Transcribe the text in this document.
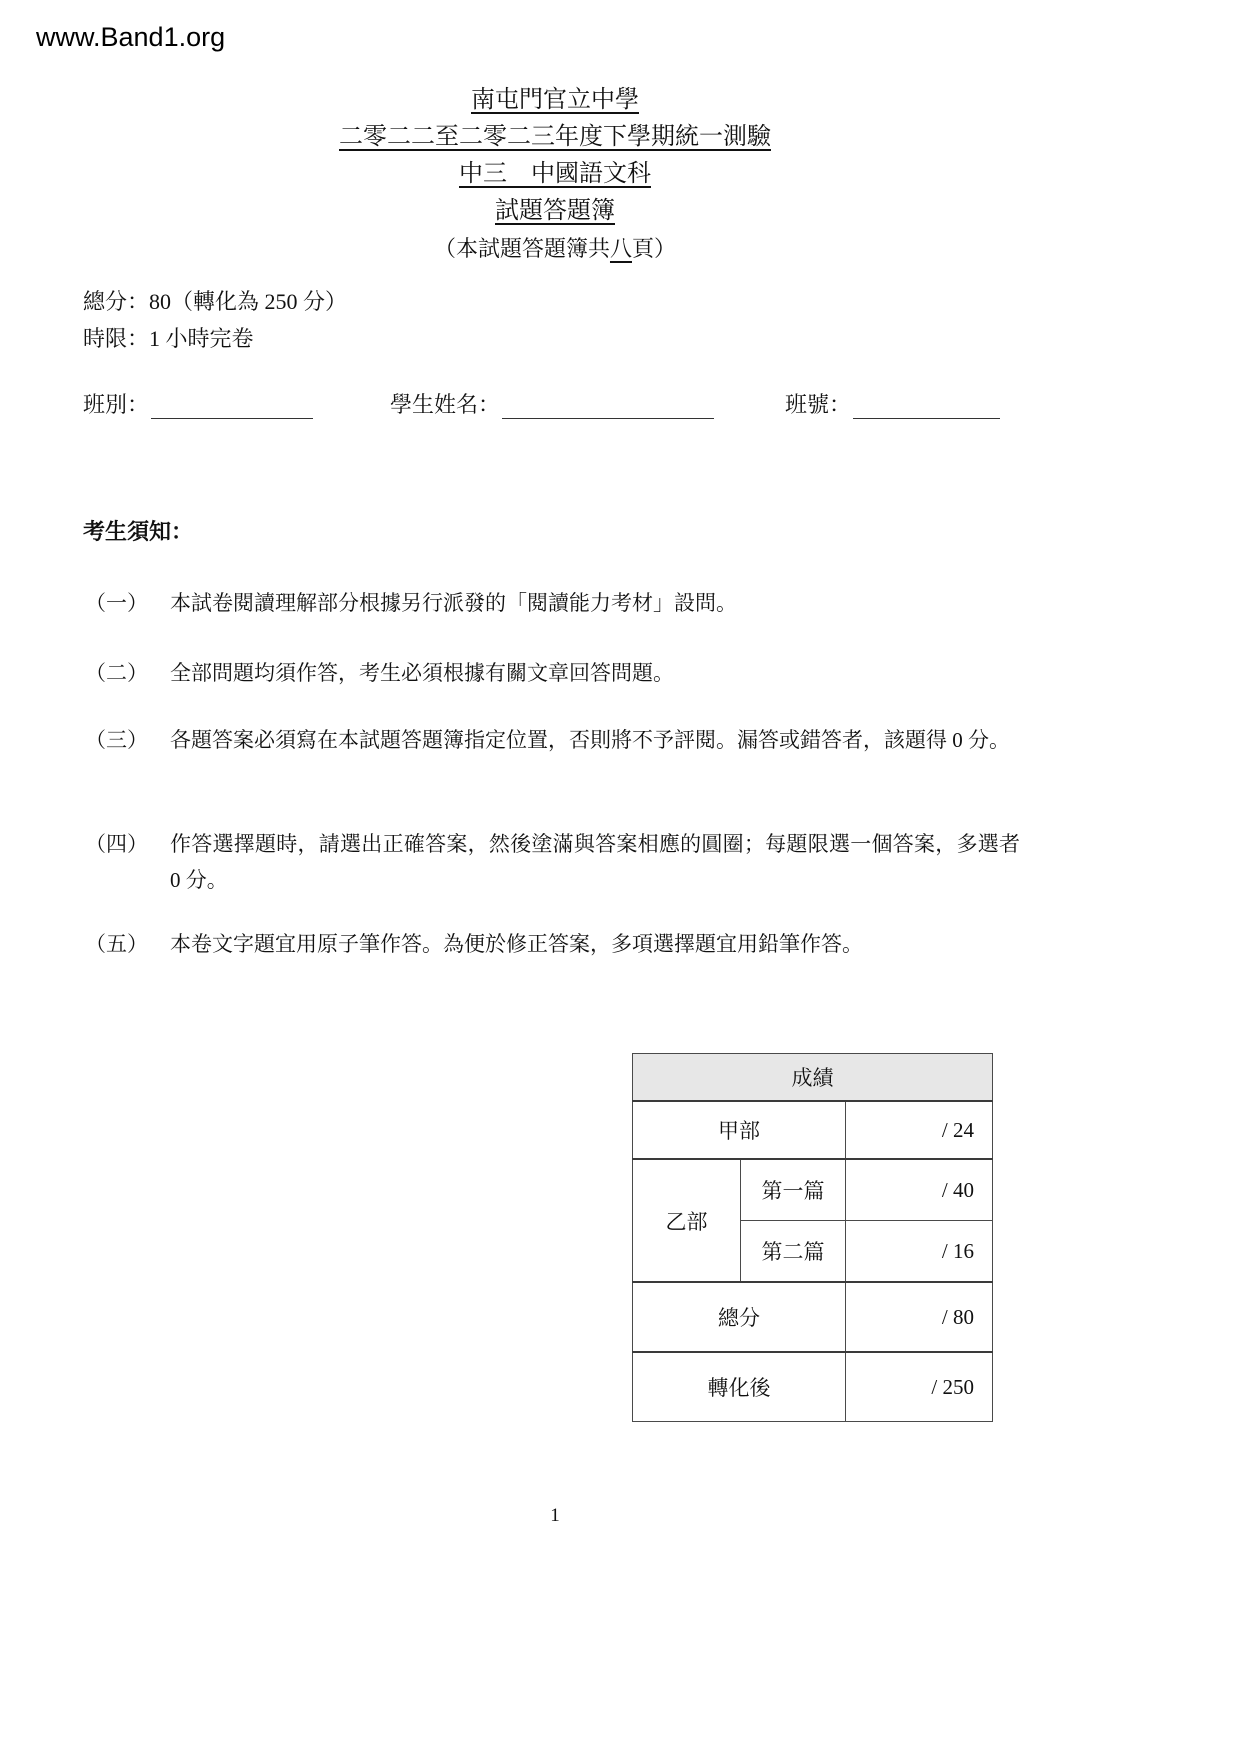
www.Band1.org
南屯門官立中學
二零二二至二零二三年度下學期統一測驗
中三　中國語文科
試題答題簿
（本試題答題簿共八頁）
總分：80（轉化為 250 分）
時限：1 小時完卷
班別：	學生姓名：	班號：
考生須知：
（一） 本試卷閱讀理解部分根據另行派發的「閱讀能力考材」設問。
（二） 全部問題均須作答，考生必須根據有關文章回答問題。
（三） 各題答案必須寫在本試題答題簿指定位置，否則將不予評閱。漏答或錯答者，該題得 0 分。
（四） 作答選擇題時，請選出正確答案，然後塗滿與答案相應的圓圈；每題限選一個答案，多選者 0 分。
（五） 本卷文字題宜用原子筆作答。為便於修正答案，多項選擇題宜用鉛筆作答。
成績		
甲部		/ 24
乙部	第一篇	/ 40
	第二篇	/ 16
總分		/ 80
轉化後		/ 250
1
